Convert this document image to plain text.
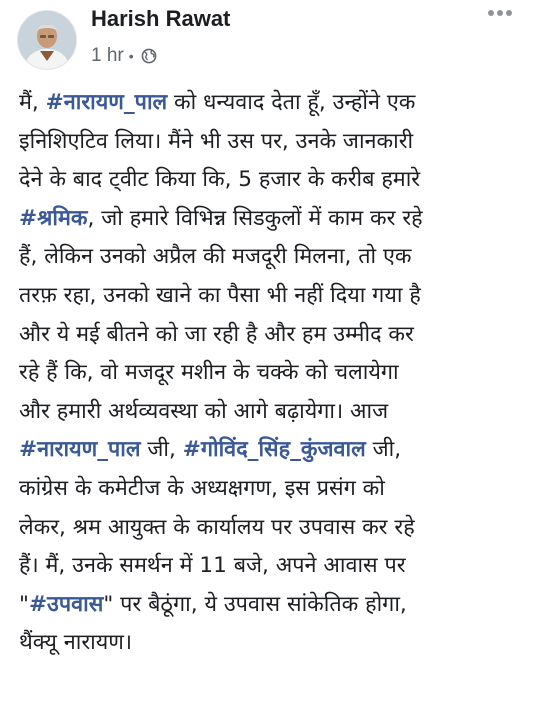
Harish Rawat
1 hr •
मैं, #नारायण_पाल को धन्यवाद देता हूँ, उन्होंने एक
इनिशिएटिव लिया। मैंने भी उस पर, उनके जानकारी
देने के बाद ट्वीट किया कि, 5 हजार के करीब हमारे
#श्रमिक, जो हमारे विभिन्न सिडकुलों में काम कर रहे
हैं, लेकिन उनको अप्रैल की मजदूरी मिलना, तो एक
तरफ़ रहा, उनको खाने का पैसा भी नहीं दिया गया है
और ये मई बीतने को जा रही है और हम उम्मीद कर
रहे हैं कि, वो मजदूर मशीन के चक्के को चलायेगा
और हमारी अर्थव्यवस्था को आगे बढ़ायेगा। आज
#नारायण_पाल जी, #गोविंद_सिंह_कुंजवाल जी,
कांग्रेस के कमेटीज के अध्यक्षगण, इस प्रसंग को
लेकर, श्रम आयुक्त के कार्यालय पर उपवास कर रहे
हैं। मैं, उनके समर्थन में 11 बजे, अपने आवास पर
"#उपवास" पर बैठूंगा, ये उपवास सांकेतिक होगा,
थैंक्यू नारायण।
